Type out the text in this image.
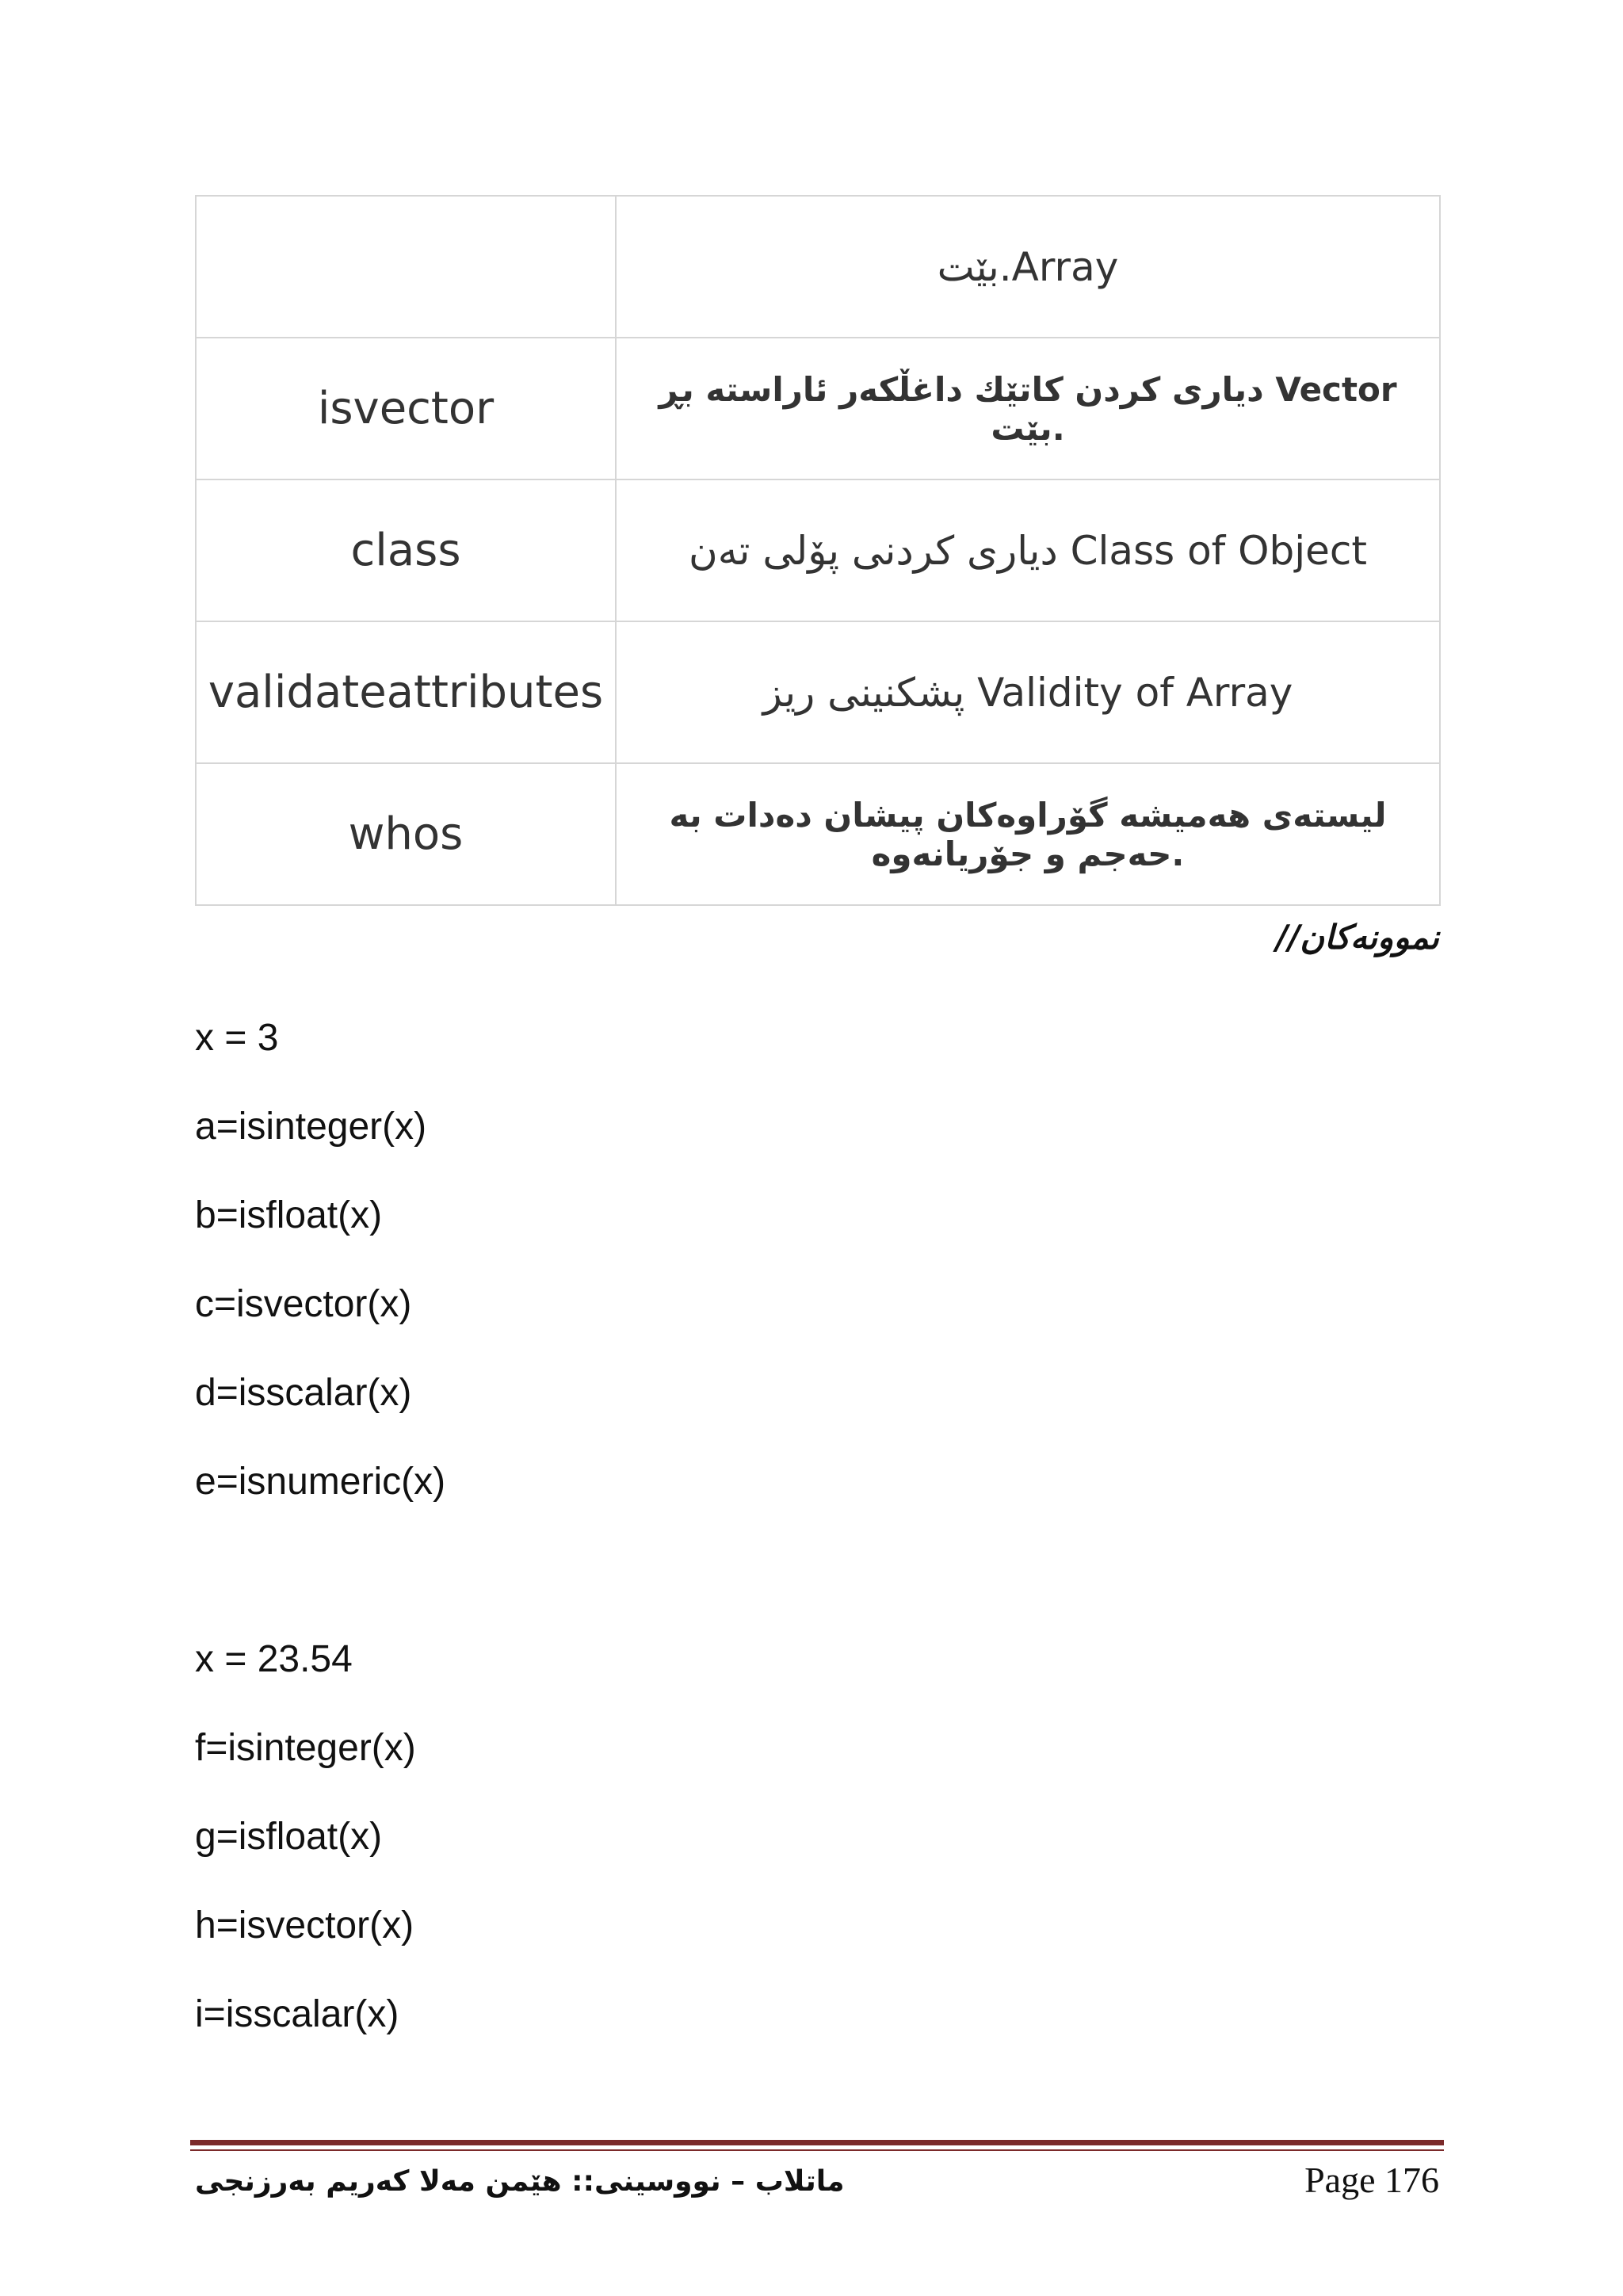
	بێت.Array
isvector	دیاری کردن کاتێك داغڵکەر ئاراستە بڕ Vector بێت.
class	دیاری کردنی پۆلی تەن Class of Object
validateattributes	پشکنینی ریز Validity of Array
whos	لیستەی هەمیشە گۆراوەکان پیشان دەدات بە حەجم و جۆریانەوە.
نموونەکان//
x = 3
a=isinteger(x)
b=isfloat(x)
c=isvector(x)
d=isscalar(x)
e=isnumeric(x)
x = 23.54
f=isinteger(x)
g=isfloat(x)
h=isvector(x)
i=isscalar(x)
ماتلاب – نووسینی:: هێمن مەلا کەریم بەرزنجی	Page 176
